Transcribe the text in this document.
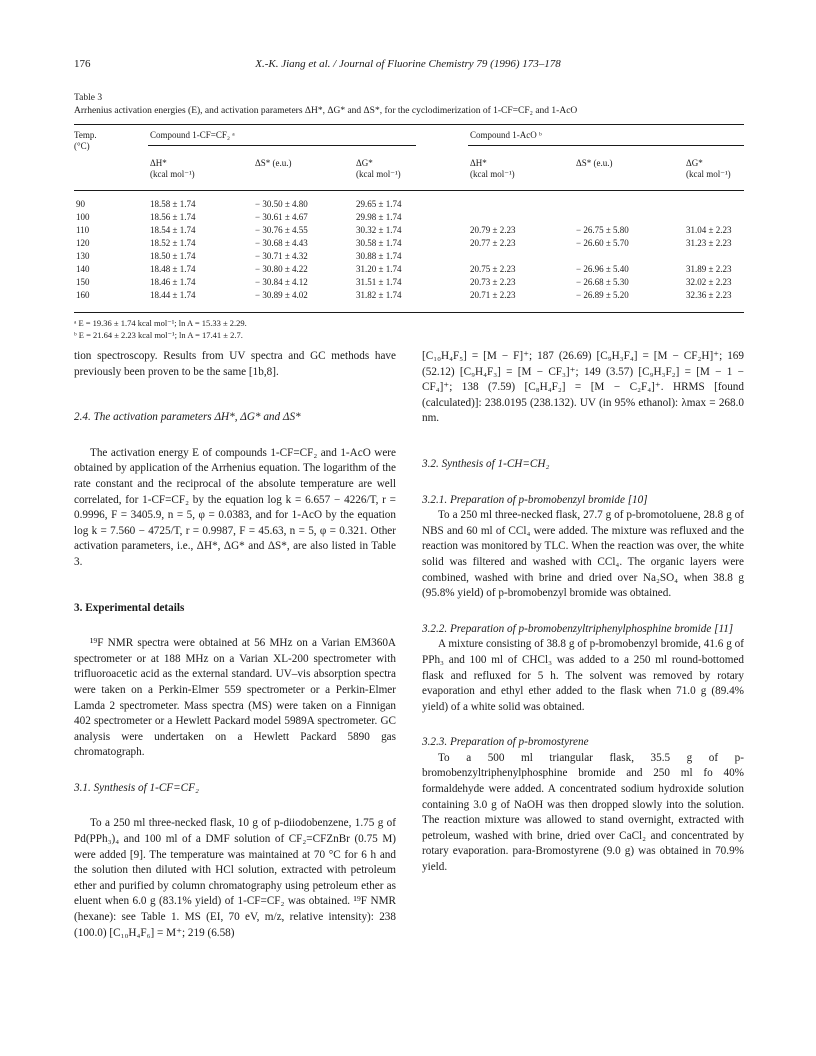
176	X.-K. Jiang et al. / Journal of Fluorine Chemistry 79 (1996) 173–178
Table 3
Arrhenius activation energies (E), and activation parameters ΔH*, ΔG* and ΔS*, for the cyclodimerization of 1-CF=CF₂ and 1-AcO
Temp.
(°C)
Compound 1-CF=CF₂ ᵃ	Compound 1-AcO ᵇ
ΔH*
(kcal mol⁻¹)
ΔS* (e.u.)	ΔG*
(kcal mol⁻¹)
ΔH*
(kcal mol⁻¹)
ΔS* (e.u.)	ΔG*
(kcal mol⁻¹)
90	18.58 ± 1.74	− 30.50 ± 4.80	29.65 ± 1.74
100	18.56 ± 1.74	− 30.61 ± 4.67	29.98 ± 1.74
110	18.54 ± 1.74	− 30.76 ± 4.55	30.32 ± 1.74	20.79 ± 2.23	− 26.75 ± 5.80	31.04 ± 2.23
120	18.52 ± 1.74	− 30.68 ± 4.43	30.58 ± 1.74	20.77 ± 2.23	− 26.60 ± 5.70	31.23 ± 2.23
130	18.50 ± 1.74	− 30.71 ± 4.32	30.88 ± 1.74
140	18.48 ± 1.74	− 30.80 ± 4.22	31.20 ± 1.74	20.75 ± 2.23	− 26.96 ± 5.40	31.89 ± 2.23
150	18.46 ± 1.74	− 30.84 ± 4.12	31.51 ± 1.74	20.73 ± 2.23	− 26.68 ± 5.30	32.02 ± 2.23
160	18.44 ± 1.74	− 30.89 ± 4.02	31.82 ± 1.74	20.71 ± 2.23	− 26.89 ± 5.20	32.36 ± 2.23
ᵃ E = 19.36 ± 1.74 kcal mol⁻¹; ln A = 15.33 ± 2.29.
ᵇ E = 21.64 ± 2.23 kcal mol⁻¹; ln A = 17.41 ± 2.7.

tion spectroscopy. Results from UV spectra and GC methods have previously been proven to be the same [1b,8].

2.4. The activation parameters ΔH*, ΔG* and ΔS*

The activation energy E of compounds 1-CF=CF₂ and 1-AcO were obtained by application of the Arrhenius equation. The logarithm of the rate constant and the reciprocal of the absolute temperature are well correlated, for 1-CF=CF₂ by the equation log k = 6.657 − 4226/T, r = 0.9996, F = 3405.9, n = 5, φ = 0.0383, and for 1-AcO by the equation log k = 7.560 − 4725/T, r = 0.9987, F = 45.63, n = 5, φ = 0.321. Other activation parameters, i.e., ΔH*, ΔG* and ΔS*, are also listed in Table 3.

3. Experimental details

¹⁹F NMR spectra were obtained at 56 MHz on a Varian EM360A spectrometer or at 188 MHz on a Varian XL-200 spectrometer with trifluoroacetic acid as the external standard. UV–vis absorption spectra were taken on a Perkin-Elmer 559 spectrometer or a Perkin-Elmer Lamda 2 spectrometer. Mass spectra (MS) were taken on a Finnigan 402 spectrometer or a Hewlett Packard model 5989A spectrometer. GC analysis were undertaken on a Hewlett Packard 5890 gas chromatograph.

3.1. Synthesis of 1-CF=CF₂

To a 250 ml three-necked flask, 10 g of p-diiodobenzene, 1.75 g of Pd(PPh₃)₄ and 100 ml of a DMF solution of CF₂=CFZnBr (0.75 M) were added [9]. The temperature was maintained at 70 °C for 6 h and the solution then diluted with HCl solution, extracted with petroleum ether and purified by column chromatography using petroleum ether as eluent when 6.0 g (83.1% yield) of 1-CF=CF₂ was obtained. ¹⁹F NMR (hexane): see Table 1. MS (EI, 70 eV, m/z, relative intensity): 238 (100.0) [C₁₀H₄F₆] = M⁺; 219 (6.58)

[C₁₀H₄F₅] = [M − F]⁺; 187 (26.69) [C₉H₃F₄] = [M − CF₂H]⁺; 169 (52.12) [C₉H₄F₃] = [M − CF₃]⁺; 149 (3.57) [C₉H₃F₂] = [M − 1 − CF₄]⁺; 138 (7.59) [C₈H₄F₂] = [M − C₂F₄]⁺. HRMS [found (calculated)]: 238.0195 (238.132). UV (in 95% ethanol): λmax = 268.0 nm.

3.2. Synthesis of 1-CH=CH₂

3.2.1. Preparation of p-bromobenzyl bromide [10]

To a 250 ml three-necked flask, 27.7 g of p-bromotoluene, 28.8 g of NBS and 60 ml of CCl₄ were added. The mixture was refluxed and the reaction was monitored by TLC. When the reaction was over, the white solid was filtered and washed with CCl₄. The organic layers were combined, washed with brine and dried over Na₂SO₄ when 38.8 g (95.8% yield) of p-bromobenzyl bromide was obtained.

3.2.2. Preparation of p-bromobenzyltriphenylphosphine bromide [11]

A mixture consisting of 38.8 g of p-bromobenzyl bromide, 41.6 g of PPh₃ and 100 ml of CHCl₃ was added to a 250 ml round-bottomed flask and refluxed for 5 h. The solvent was removed by rotary evaporation and ethyl ether added to the flask when 71.0 g (89.4% yield) of a white solid was obtained.

3.2.3. Preparation of p-bromostyrene

To a 500 ml triangular flask, 35.5 g of p-bromobenzyltriphenylphosphine bromide and 250 ml fo 40% formaldehyde were added. A concentrated sodium hydroxide solution containing 3.0 g of NaOH was then dropped slowly into the solution. The reaction mixture was allowed to stand overnight, extracted with petroleum, washed with brine, dried over CaCl₂ and concentrated by rotary evaporation. para-Bromostyrene (9.0 g) was obtained in 70.9% yield.
